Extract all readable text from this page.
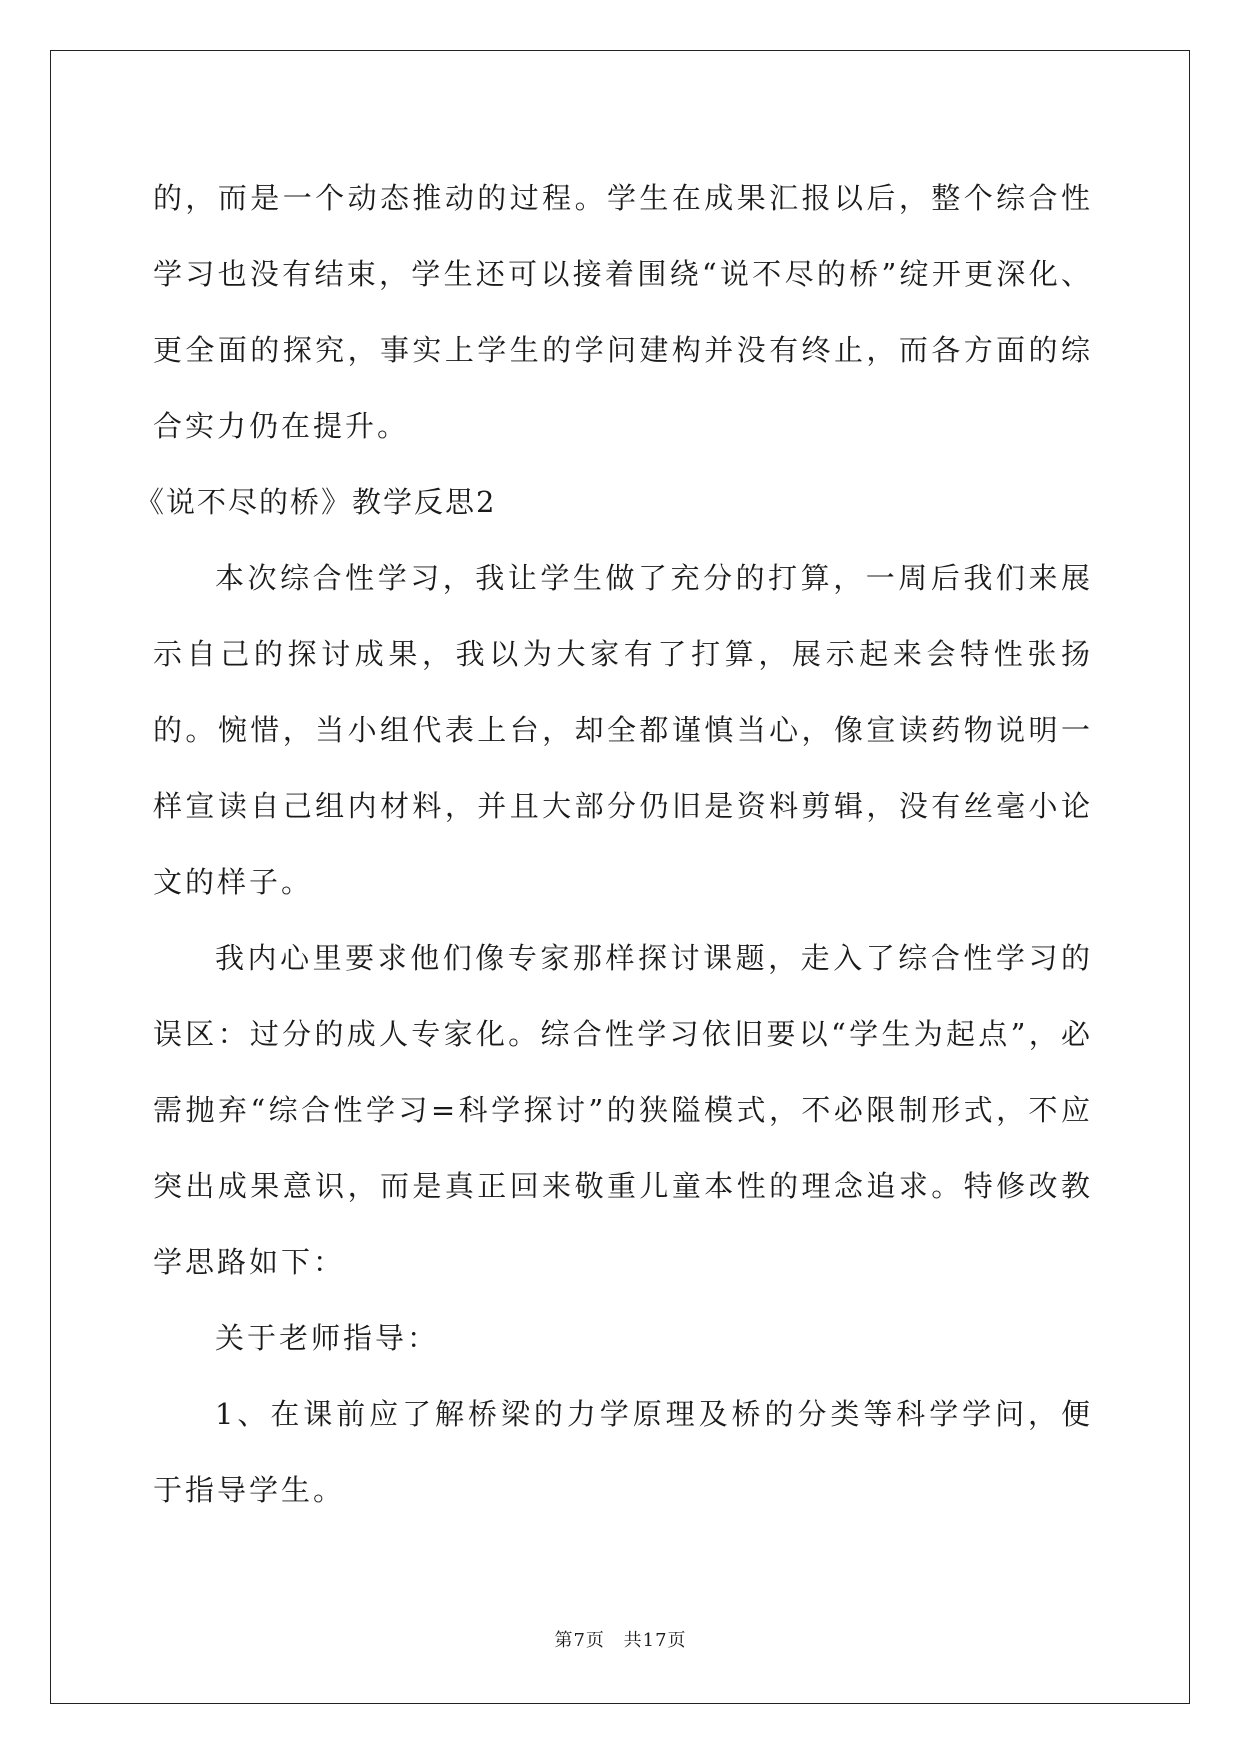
的，而是一个动态推动的过程。学生在成果汇报以后，整个综合性学习也没有结束，学生还可以接着围绕“说不尽的桥”绽开更深化、更全面的探究，事实上学生的学问建构并没有终止，而各方面的综合实力仍在提升。

《说不尽的桥》教学反思2

本次综合性学习，我让学生做了充分的打算，一周后我们来展示自己的探讨成果，我以为大家有了打算，展示起来会特性张扬的。惋惜，当小组代表上台，却全都谨慎当心，像宣读药物说明一样宣读自己组内材料，并且大部分仍旧是资料剪辑，没有丝毫小论文的样子。

我内心里要求他们像专家那样探讨课题，走入了综合性学习的误区：过分的成人专家化。综合性学习依旧要以“学生为起点”，必需抛弃“综合性学习=科学探讨”的狭隘模式，不必限制形式，不应突出成果意识，而是真正回来敬重儿童本性的理念追求。特修改教学思路如下：

关于老师指导：

1、在课前应了解桥梁的力学原理及桥的分类等科学学问，便于指导学生。

第7页 共17页
